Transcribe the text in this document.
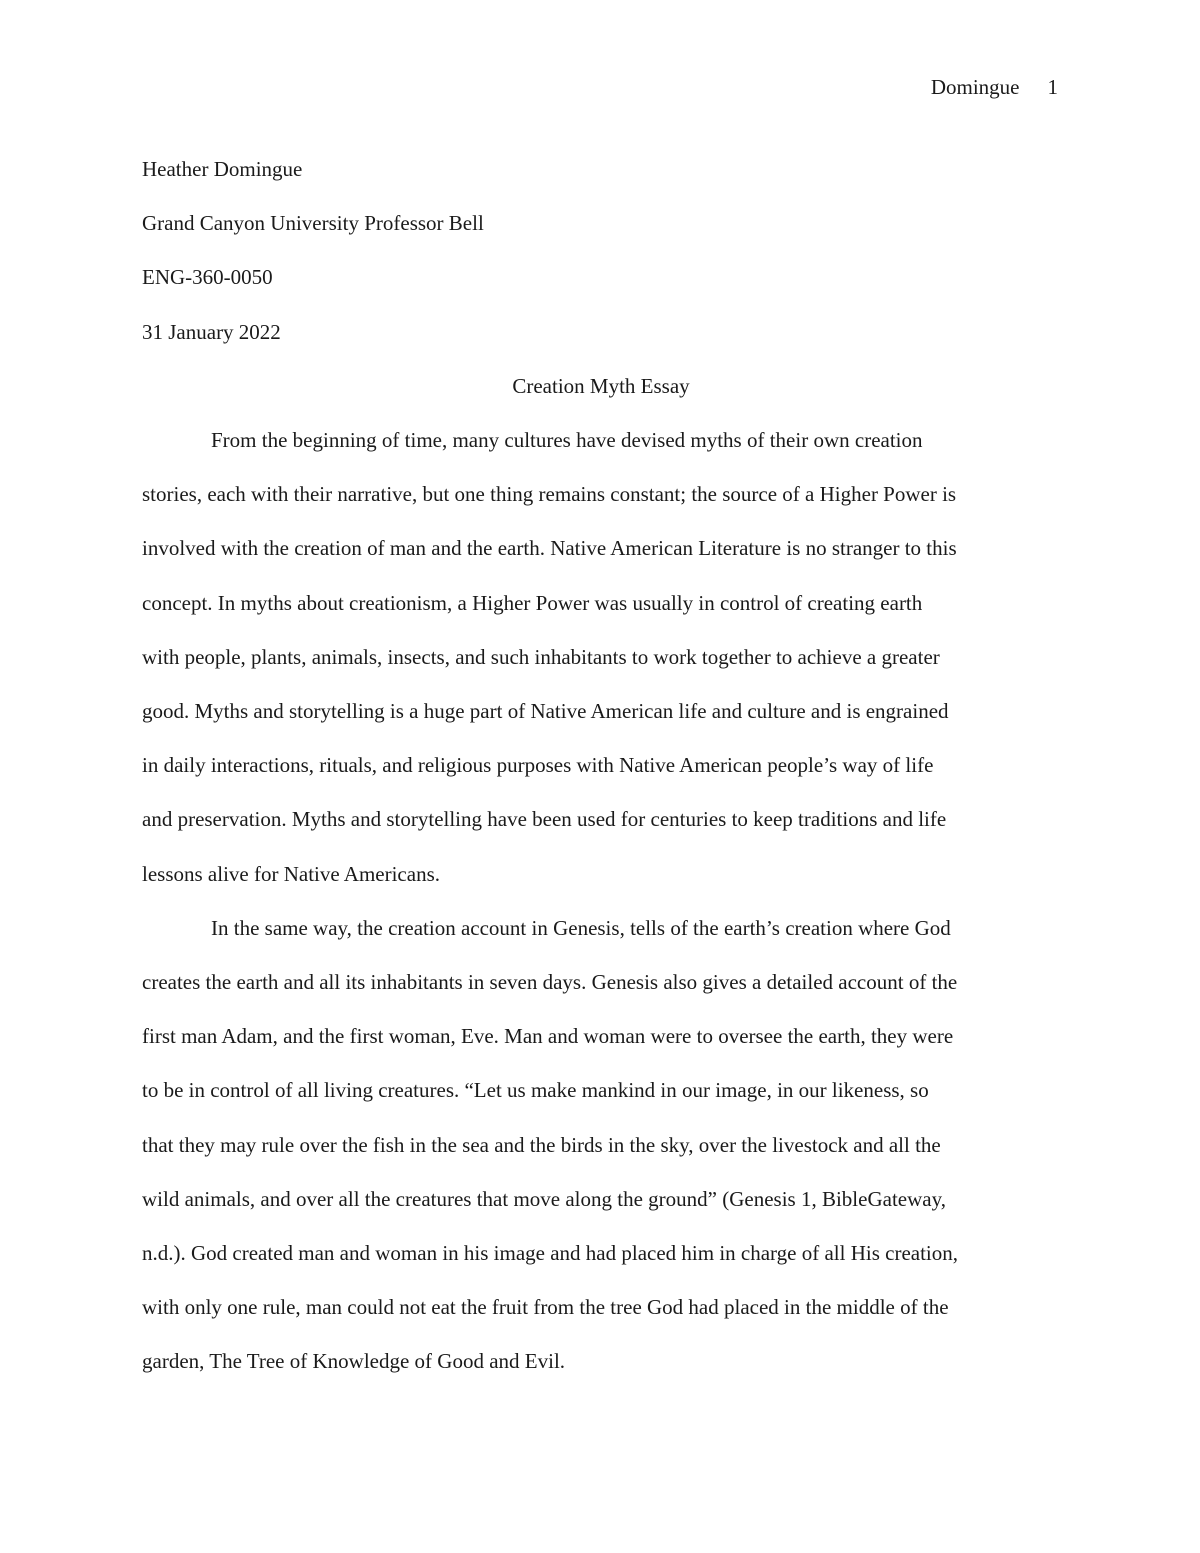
Domingue 1
Heather Domingue
Grand Canyon University Professor Bell
ENG-360-0050
31 January 2022
Creation Myth Essay
From the beginning of time, many cultures have devised myths of their own creation
stories, each with their narrative, but one thing remains constant; the source of a Higher Power is
involved with the creation of man and the earth. Native American Literature is no stranger to this
concept. In myths about creationism, a Higher Power was usually in control of creating earth
with people, plants, animals, insects, and such inhabitants to work together to achieve a greater
good. Myths and storytelling is a huge part of Native American life and culture and is engrained
in daily interactions, rituals, and religious purposes with Native American people’s way of life
and preservation. Myths and storytelling have been used for centuries to keep traditions and life
lessons alive for Native Americans.
In the same way, the creation account in Genesis, tells of the earth’s creation where God
creates the earth and all its inhabitants in seven days. Genesis also gives a detailed account of the
first man Adam, and the first woman, Eve. Man and woman were to oversee the earth, they were
to be in control of all living creatures. “Let us make mankind in our image, in our likeness, so
that they may rule over the fish in the sea and the birds in the sky, over the livestock and all the
wild animals, and over all the creatures that move along the ground” (Genesis 1, BibleGateway,
n.d.). God created man and woman in his image and had placed him in charge of all His creation,
with only one rule, man could not eat the fruit from the tree God had placed in the middle of the
garden, The Tree of Knowledge of Good and Evil.
